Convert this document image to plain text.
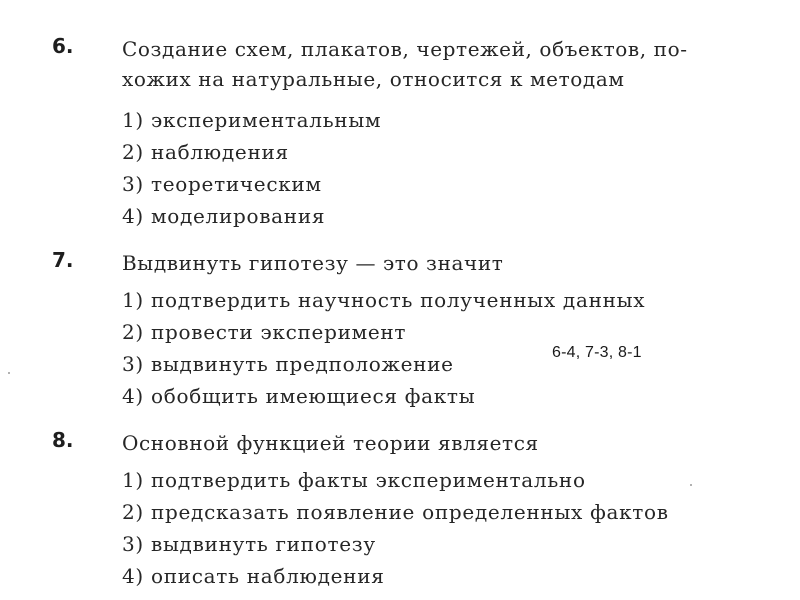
6. Создание схем, плакатов, чертежей, объектов, по-
хожих на натуральные, относится к методам
1) экспериментальным
2) наблюдения
3) теоретическим
4) моделирования
7. Выдвинуть гипотезу — это значит
1) подтвердить научность полученных данных
2) провести эксперимент
3) выдвинуть предположение
4) обобщить имеющиеся факты
8. Основной функцией теории является
1) подтвердить факты экспериментально
2) предсказать появление определенных фактов
3) выдвинуть гипотезу
4) описать наблюдения
6-4, 7-3, 8-1
